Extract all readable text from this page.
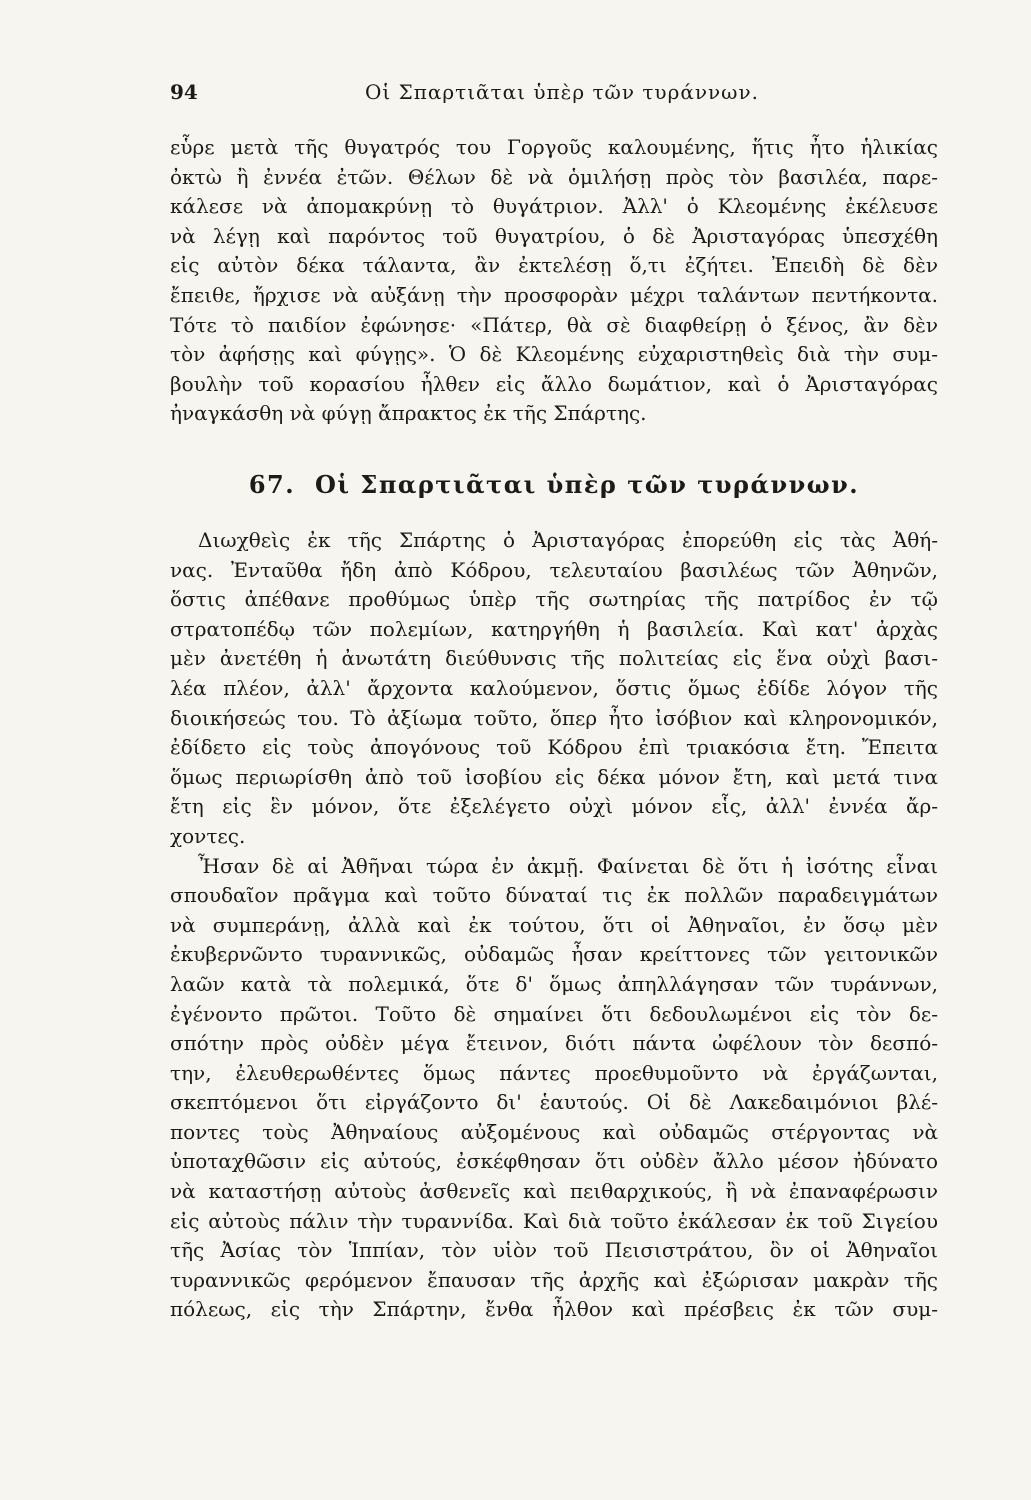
94	Οἱ Σπαρτιᾶται ὑπὲρ τῶν τυράννων.
εὗρε μετὰ τῆς θυγατρός του Γοργοῦς καλουμένης, ἥτις ἦτο ἡλικίας
ὀκτὼ ἢ ἐννέα ἐτῶν. Θέλων δὲ νὰ ὁμιλήσῃ πρὸς τὸν βασιλέα, παρε-
κάλεσε νὰ ἀπομακρύνῃ τὸ θυγάτριον. Ἀλλ' ὁ Κλεομένης ἐκέλευσε
νὰ λέγῃ καὶ παρόντος τοῦ θυγατρίου, ὁ δὲ Ἀρισταγόρας ὑπεσχέθη
εἰς αὐτὸν δέκα τάλαντα, ἂν ἐκτελέσῃ ὅ,τι ἐζήτει. Ἐπειδὴ δὲ δὲν
ἔπειθε, ἤρχισε νὰ αὐξάνῃ τὴν προσφορὰν μέχρι ταλάντων πεντήκοντα.
Τότε τὸ παιδίον ἐφώνησε· «Πάτερ, θὰ σὲ διαφθείρῃ ὁ ξένος, ἂν δὲν
τὸν ἀφήσῃς καὶ φύγῃς». Ὁ δὲ Κλεομένης εὐχαριστηθεὶς διὰ τὴν συμ-
βουλὴν τοῦ κορασίου ἦλθεν εἰς ἄλλο δωμάτιον, καὶ ὁ Ἀρισταγόρας
ἠναγκάσθη νὰ φύγῃ ἄπρακτος ἐκ τῆς Σπάρτης.
67. Οἱ Σπαρτιᾶται ὑπὲρ τῶν τυράννων.
Διωχθεὶς ἐκ τῆς Σπάρτης ὁ Ἀρισταγόρας ἐπορεύθη εἰς τὰς Ἀθή-
νας. Ἐνταῦθα ἤδη ἀπὸ Κόδρου, τελευταίου βασιλέως τῶν Ἀθηνῶν,
ὅστις ἀπέθανε προθύμως ὑπὲρ τῆς σωτηρίας τῆς πατρίδος ἐν τῷ
στρατοπέδῳ τῶν πολεμίων, κατηργήθη ἡ βασιλεία. Καὶ κατ' ἀρχὰς
μὲν ἀνετέθη ἡ ἀνωτάτη διεύθυνσις τῆς πολιτείας εἰς ἕνα οὐχὶ βασι-
λέα πλέον, ἀλλ' ἄρχοντα καλούμενον, ὅστις ὅμως ἐδίδε λόγον τῆς
διοικήσεώς του. Τὸ ἀξίωμα τοῦτο, ὅπερ ἦτο ἰσόβιον καὶ κληρονομικόν,
ἐδίδετο εἰς τοὺς ἀπογόνους τοῦ Κόδρου ἐπὶ τριακόσια ἔτη. Ἔπειτα
ὅμως περιωρίσθη ἀπὸ τοῦ ἰσοβίου εἰς δέκα μόνον ἔτη, καὶ μετά τινα
ἔτη εἰς ἓν μόνον, ὅτε ἐξελέγετο οὐχὶ μόνον εἷς, ἀλλ' ἐννέα ἄρ-
χοντες.
Ἦσαν δὲ αἱ Ἀθῆναι τώρα ἐν ἀκμῇ. Φαίνεται δὲ ὅτι ἡ ἰσότης εἶναι
σπουδαῖον πρᾶγμα καὶ τοῦτο δύναταί τις ἐκ πολλῶν παραδειγμάτων
νὰ συμπεράνῃ, ἀλλὰ καὶ ἐκ τούτου, ὅτι οἱ Ἀθηναῖοι, ἐν ὅσῳ μὲν
ἐκυβερνῶντο τυραννικῶς, οὐδαμῶς ἦσαν κρείττονες τῶν γειτονικῶν
λαῶν κατὰ τὰ πολεμικά, ὅτε δ' ὅμως ἀπηλλάγησαν τῶν τυράννων,
ἐγένοντο πρῶτοι. Τοῦτο δὲ σημαίνει ὅτι δεδουλωμένοι εἰς τὸν δε-
σπότην πρὸς οὐδὲν μέγα ἔτεινον, διότι πάντα ὠφέλουν τὸν δεσπό-
την, ἐλευθερωθέντες ὅμως πάντες προεθυμοῦντο νὰ ἐργάζωνται,
σκεπτόμενοι ὅτι εἰργάζοντο δι' ἑαυτούς. Οἱ δὲ Λακεδαιμόνιοι βλέ-
ποντες τοὺς Ἀθηναίους αὐξομένους καὶ οὐδαμῶς στέργοντας νὰ
ὑποταχθῶσιν εἰς αὐτούς, ἐσκέφθησαν ὅτι οὐδὲν ἄλλο μέσον ἠδύνατο
νὰ καταστήσῃ αὐτοὺς ἀσθενεῖς καὶ πειθαρχικούς, ἢ νὰ ἐπαναφέρωσιν
εἰς αὐτοὺς πάλιν τὴν τυραννίδα. Καὶ διὰ τοῦτο ἐκάλεσαν ἐκ τοῦ Σιγείου
τῆς Ἀσίας τὸν Ἱππίαν, τὸν υἱὸν τοῦ Πεισιστράτου, ὃν οἱ Ἀθηναῖοι
τυραννικῶς φερόμενον ἔπαυσαν τῆς ἀρχῆς καὶ ἐξώρισαν μακρὰν τῆς
πόλεως, εἰς τὴν Σπάρτην, ἔνθα ἦλθον καὶ πρέσβεις ἐκ τῶν συμ-
